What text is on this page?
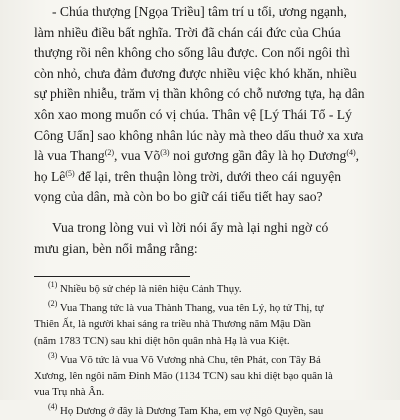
- Chúa thượng [Ngọa Triều] tâm trí u tối, ương ngạnh,
làm nhiều điều bất nghĩa. Trời đã chán cái đức của Chúa
thượng rồi nên không cho sống lâu được. Con nối ngôi thì
còn nhỏ, chưa đảm đương được nhiều việc khó khăn, nhiều
sự phiền nhiễu, trăm vị thần không có chỗ nương tựa, hạ dân
xôn xao mong muốn có vị chúa. Thân vệ [Lý Thái Tổ - Lý
Công Uẩn] sao không nhân lúc này mà theo dấu thuở xa xưa
là vua Thang$^{(2)}$, vua $Võ^{(3)}$ noi gương gần đây là họ Dương$^{(4)}$,
họ $Lê^{(5)}$ để lại, trên thuận lòng trời, dưới theo cái nguyện
vọng của dân, mà còn bo bo giữ cái tiểu tiết hay sao?
Vua trong lòng vui vì lời nói ấy mà lại nghi ngờ có
mưu gian, bèn nổi mắng rằng:
$^{(1)}$ Nhiều bộ sử chép là niên hiệu Cảnh Thụy.
$^{(2)}$ Vua Thang tức là vua Thành Thang, vua tên Lý, họ tử Thị, tự
Thiên Ất, là người khai sáng ra triều nhà Thương năm Mậu Dần
(năm 1783 TCN) sau khi diệt hôn quân nhà Hạ là vua Kiệt.
$^{(3)}$ Vua Võ tức là vua Võ Vương nhà Chu, tên Phát, con Tây Bá
Xương, lên ngôi năm Đinh Mão (1134 TCN) sau khi diệt bạo quân là
vua Trụ nhà Ân.
$^{(4)}$ Họ Dương ở đây là Dương Tam Kha, em vợ Ngô Quyền, sau
